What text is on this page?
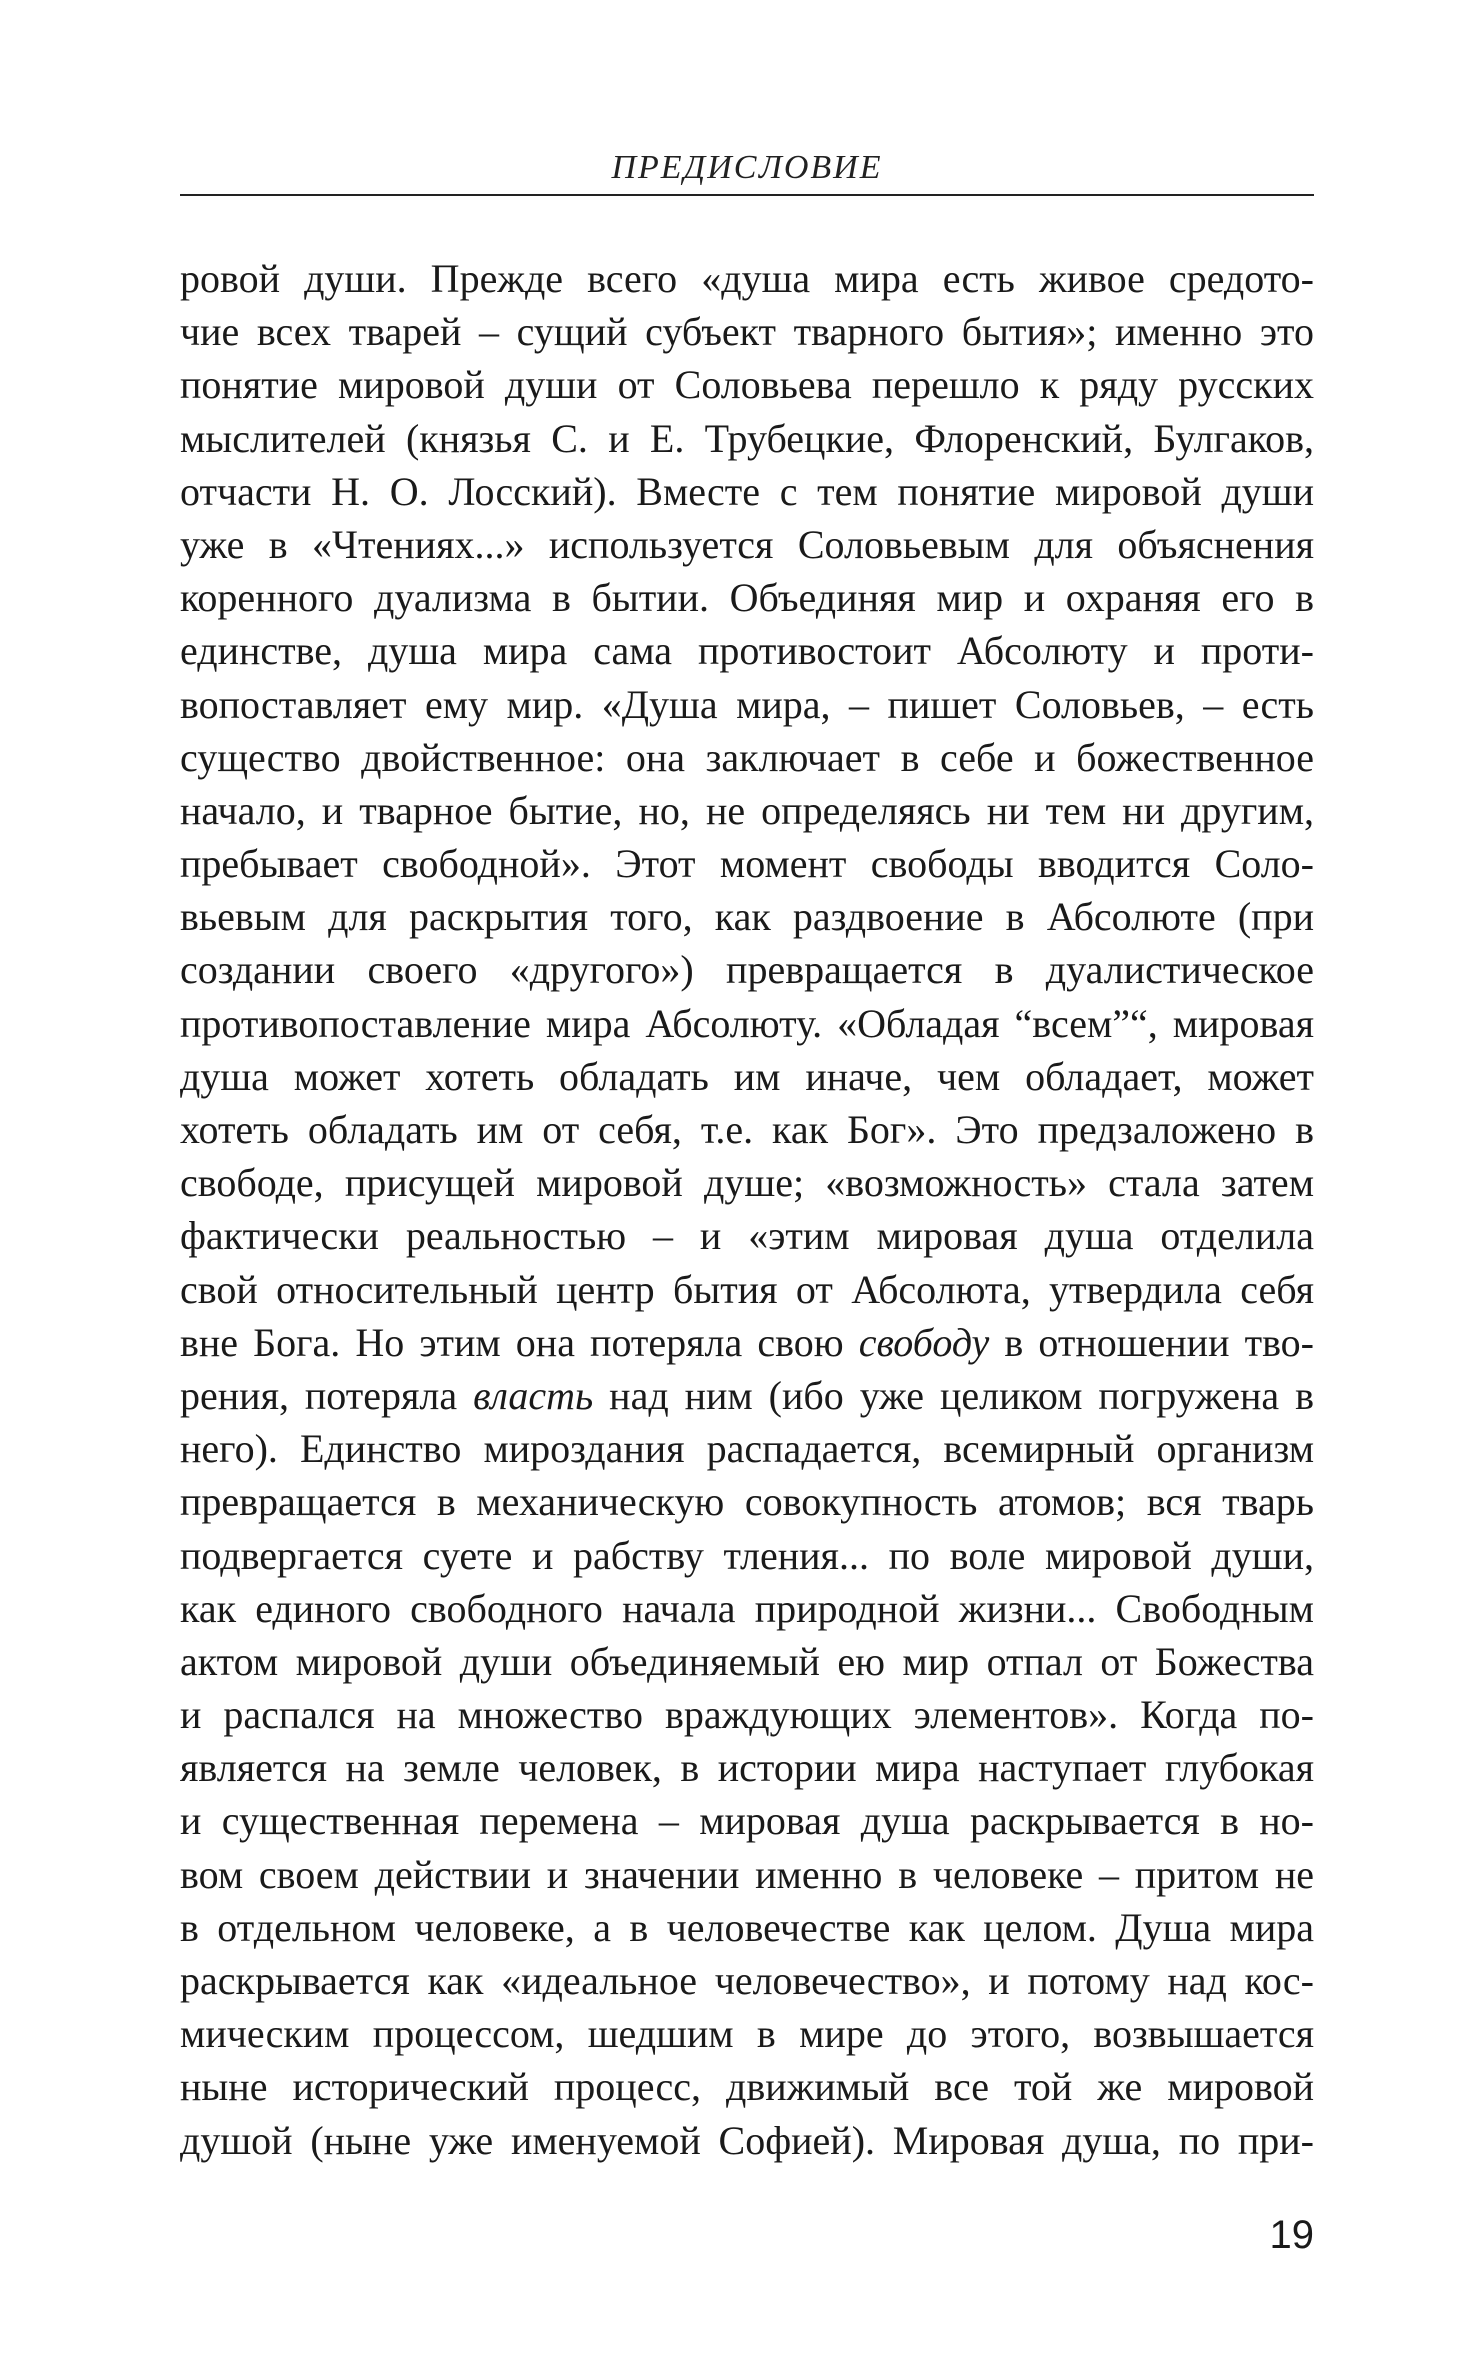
ПРЕДИСЛОВИЕ
ровой души. Прежде всего «душа мира есть живое средото-
чие всех тварей – сущий субъект тварного бытия»; именно это
понятие мировой души от Соловьева перешло к ряду русских
мыслителей (князья С. и Е. Трубецкие, Флоренский, Булгаков,
отчасти Н. О. Лосский). Вместе с тем понятие мировой души
уже в «Чтениях...» используется Соловьевым для объяснения
коренного дуализма в бытии. Объединяя мир и охраняя его в
единстве, душа мира сама противостоит Абсолюту и проти-
вопоставляет ему мир. «Душа мира, – пишет Соловьев, – есть
существо двойственное: она заключает в себе и божественное
начало, и тварное бытие, но, не определяясь ни тем ни другим,
пребывает свободной». Этот момент свободы вводится Соло-
вьевым для раскрытия того, как раздвоение в Абсолюте (при
создании своего «другого») превращается в дуалистическое
противопоставление мира Абсолюту. «Обладая “всем”“, мировая
душа может хотеть обладать им иначе, чем обладает, может
хотеть обладать им от себя, т.е. как Бог». Это предзаложено в
свободе, присущей мировой душе; «возможность» стала затем
фактически реальностью – и «этим мировая душа отделила
свой относительный центр бытия от Абсолюта, утвердила себя
вне Бога. Но этим она потеряла свою свободу в отношении тво-
рения, потеряла власть над ним (ибо уже целиком погружена в
него). Единство мироздания распадается, всемирный организм
превращается в механическую совокупность атомов; вся тварь
подвергается суете и рабству тления... по воле мировой души,
как единого свободного начала природной жизни... Свободным
актом мировой души объединяемый ею мир отпал от Божества
и распался на множество враждующих элементов». Когда по-
является на земле человек, в истории мира наступает глубокая
и существенная перемена – мировая душа раскрывается в но-
вом своем действии и значении именно в человеке – притом не
в отдельном человеке, а в человечестве как целом. Душа мира
раскрывается как «идеальное человечество», и потому над кос-
мическим процессом, шедшим в мире до этого, возвышается
ныне исторический процесс, движимый все той же мировой
душой (ныне уже именуемой Софией). Мировая душа, по при-
19
